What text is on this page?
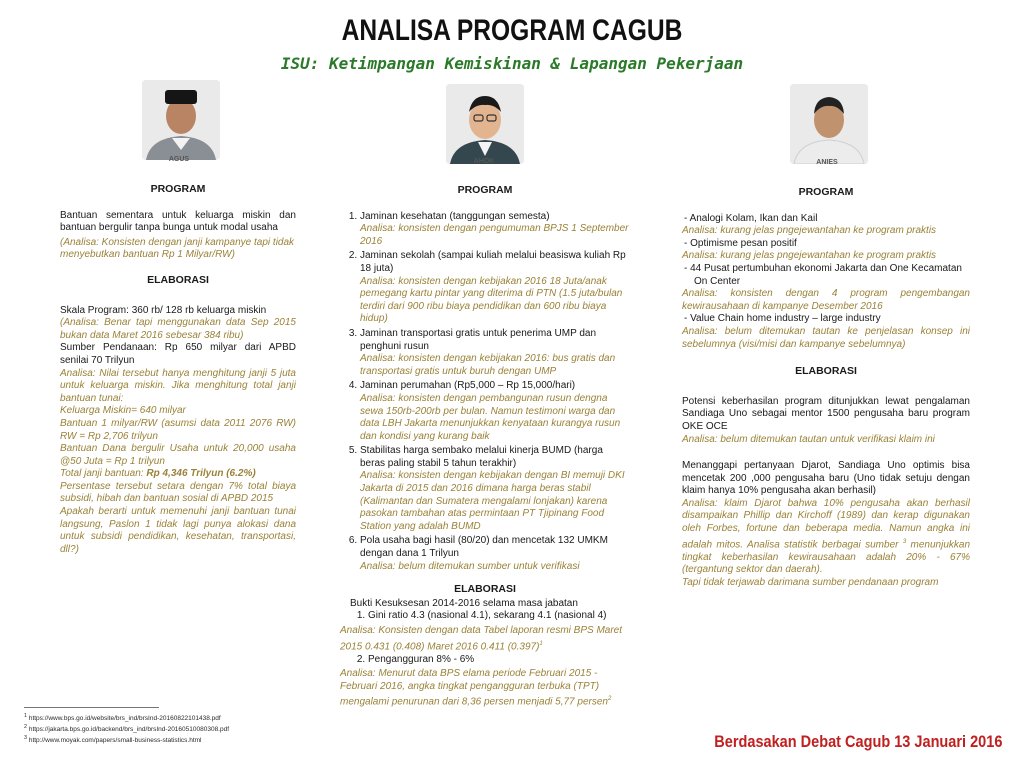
ANALISA PROGRAM CAGUB
ISU: Ketimpangan Kemiskinan & Lapangan Pekerjaan
AGUS	AHOK	ANIES

PROGRAM

Bantuan sementara untuk keluarga miskin dan bantuan bergulir tanpa bunga untuk modal usaha

(Analisa: Konsisten dengan janji kampanye tapi tidak menyebutkan bantuan Rp 1 Milyar/RW)

ELABORASI

Skala Program: 360 rb/ 128 rb keluarga miskin

(Analisa: Benar tapi menggunakan data Sep 2015 bukan data Maret 2016 sebesar 384 ribu)

Sumber Pendanaan: Rp 650 milyar dari APBD senilai 70 Trilyun

Analisa: Nilai tersebut hanya menghitung janji 5 juta untuk keluarga miskin. Jika menghitung total janji bantuan tunai:

Keluarga Miskin= 640 milyar

Bantuan 1 milyar/RW (asumsi data 2011 2076 RW) RW = Rp 2,706 trilyun

Bantuan Dana bergulir Usaha untuk 20,000 usaha @50 Juta = Rp 1 trilyun

Total janji bantuan: Rp 4,346 Trilyun (6.2%)

Persentase tersebut setara dengan 7% total biaya subsidi, hibah dan bantuan sosial di APBD 2015

Apakah berarti untuk memenuhi janji bantuan tunai langsung, Paslon 1 tidak lagi punya alokasi dana untuk subsidi pendidikan, kesehatan, transportasi, dll?)

PROGRAM

1. Jaminan kesehatan (tanggungan semesta)
Analisa: konsisten dengan pengumuman BPJS 1 September 2016
2. Jaminan sekolah (sampai kuliah melalui beasiswa kuliah Rp 18 juta)
Analisa: konsisten dengan kebijakan 2016 18 Juta/anak pemegang kartu pintar yang diterima di PTN (1.5 juta/bulan terdiri dari 900 ribu biaya pendidikan dan 600 ribu biaya hidup)
3. Jaminan transportasi gratis untuk penerima UMP dan penghuni rusun
Analisa: konsisten dengan kebijakan 2016: bus gratis dan transportasi gratis untuk buruh dengan UMP
4. Jaminan perumahan (Rp5,000 – Rp 15,000/hari)
Analisa: konsisten dengan pembangunan rusun dengna sewa 150rb-200rb per bulan. Namun testimoni warga dan data LBH Jakarta menunjukkan kenyataan kurangya rusun dan kondisi yang kurang baik
5. Stabilitas harga sembako melalui kinerja BUMD (harga beras paling stabil 5 tahun terakhir)
Analisa: konsisten dengan kebijakan dengan BI memuji DKI Jakarta di 2015 dan 2016 dimana harga beras stabil (Kalimantan dan Sumatera mengalami lonjakan) karena pasokan tambahan atas permintaan PT Tjipinang Food Station yang adalah BUMD
6. Pola usaha bagi hasil (80/20) dan mencetak 132 UMKM dengan dana 1 Trilyun
Analisa: belum ditemukan sumber untuk verifikasi

ELABORASI

Bukti Kesuksesan 2014-2016 selama masa jabatan

1. Gini ratio 4.3 (nasional 4.1), sekarang 4.1 (nasional 4)

Analisa: Konsisten dengan data Tabel laporan resmi BPS Maret 2015 0.431 (0.408) Maret 2016 0.411 $(0.397)^1$

2. Pengangguran 8% - 6%

Analisa: Menurut data BPS elama periode Februari 2015 - Februari 2016, angka tingkat pengangguran terbuka (TPT) mengalami penurunan dari 8,36 persen menjadi 5,77 persen$^2$

PROGRAM

- Analogi Kolam, Ikan dan Kail

Analisa: kurang jelas pngejewantahan ke program praktis

- Optimisme pesan positif

Analisa: kurang jelas pngejewantahan ke program praktis

- 44 Pusat pertumbuhan ekonomi Jakarta dan One Kecamatan On Center

Analisa: konsisten dengan 4 program pengembangan kewirausahaan di kampanye Desember 2016

- Value Chain home industry – large industry

Analisa: belum ditemukan tautan ke penjelasan konsep ini sebelumnya (visi/misi dan kampanye sebelumnya)

ELABORASI

Potensi keberhasilan program ditunjukkan lewat pengalaman Sandiaga Uno sebagai mentor 1500 pengusaha baru program OKE OCE

Analisa: belum ditemukan tautan untuk verifikasi klaim ini

Menanggapi pertanyaan Djarot, Sandiaga Uno optimis bisa mencetak 200 ,000 pengusaha baru (Uno tidak setuju dengan klaim hanya 10% pengusaha akan berhasil)

Analisa: klaim Djarot bahwa 10% pengusaha akan berhasil disampaikan Phillip dan Kirchoff (1989) dan kerap digunakan oleh Forbes, fortune dan beberapa media. Namun angka ini adalah mitos. Analisa statistik berbagai sumber $^3$ menunjukkan tingkat keberhasilan kewirausahaan adalah 20% - 67% (tergantung sektor dan daerah).

Tapi tidak terjawab darimana sumber pendanaan program

$^1$ https://www.bps.go.id/website/brs_ind/brsInd-20160822101438.pdf
$^2$ https://jakarta.bps.go.id/backend/brs_ind/brsInd-20160510080308.pdf
$^3$ http://www.moyak.com/papers/small-business-statistics.html	Berdasakan Debat Cagub 13 Januari 2016
